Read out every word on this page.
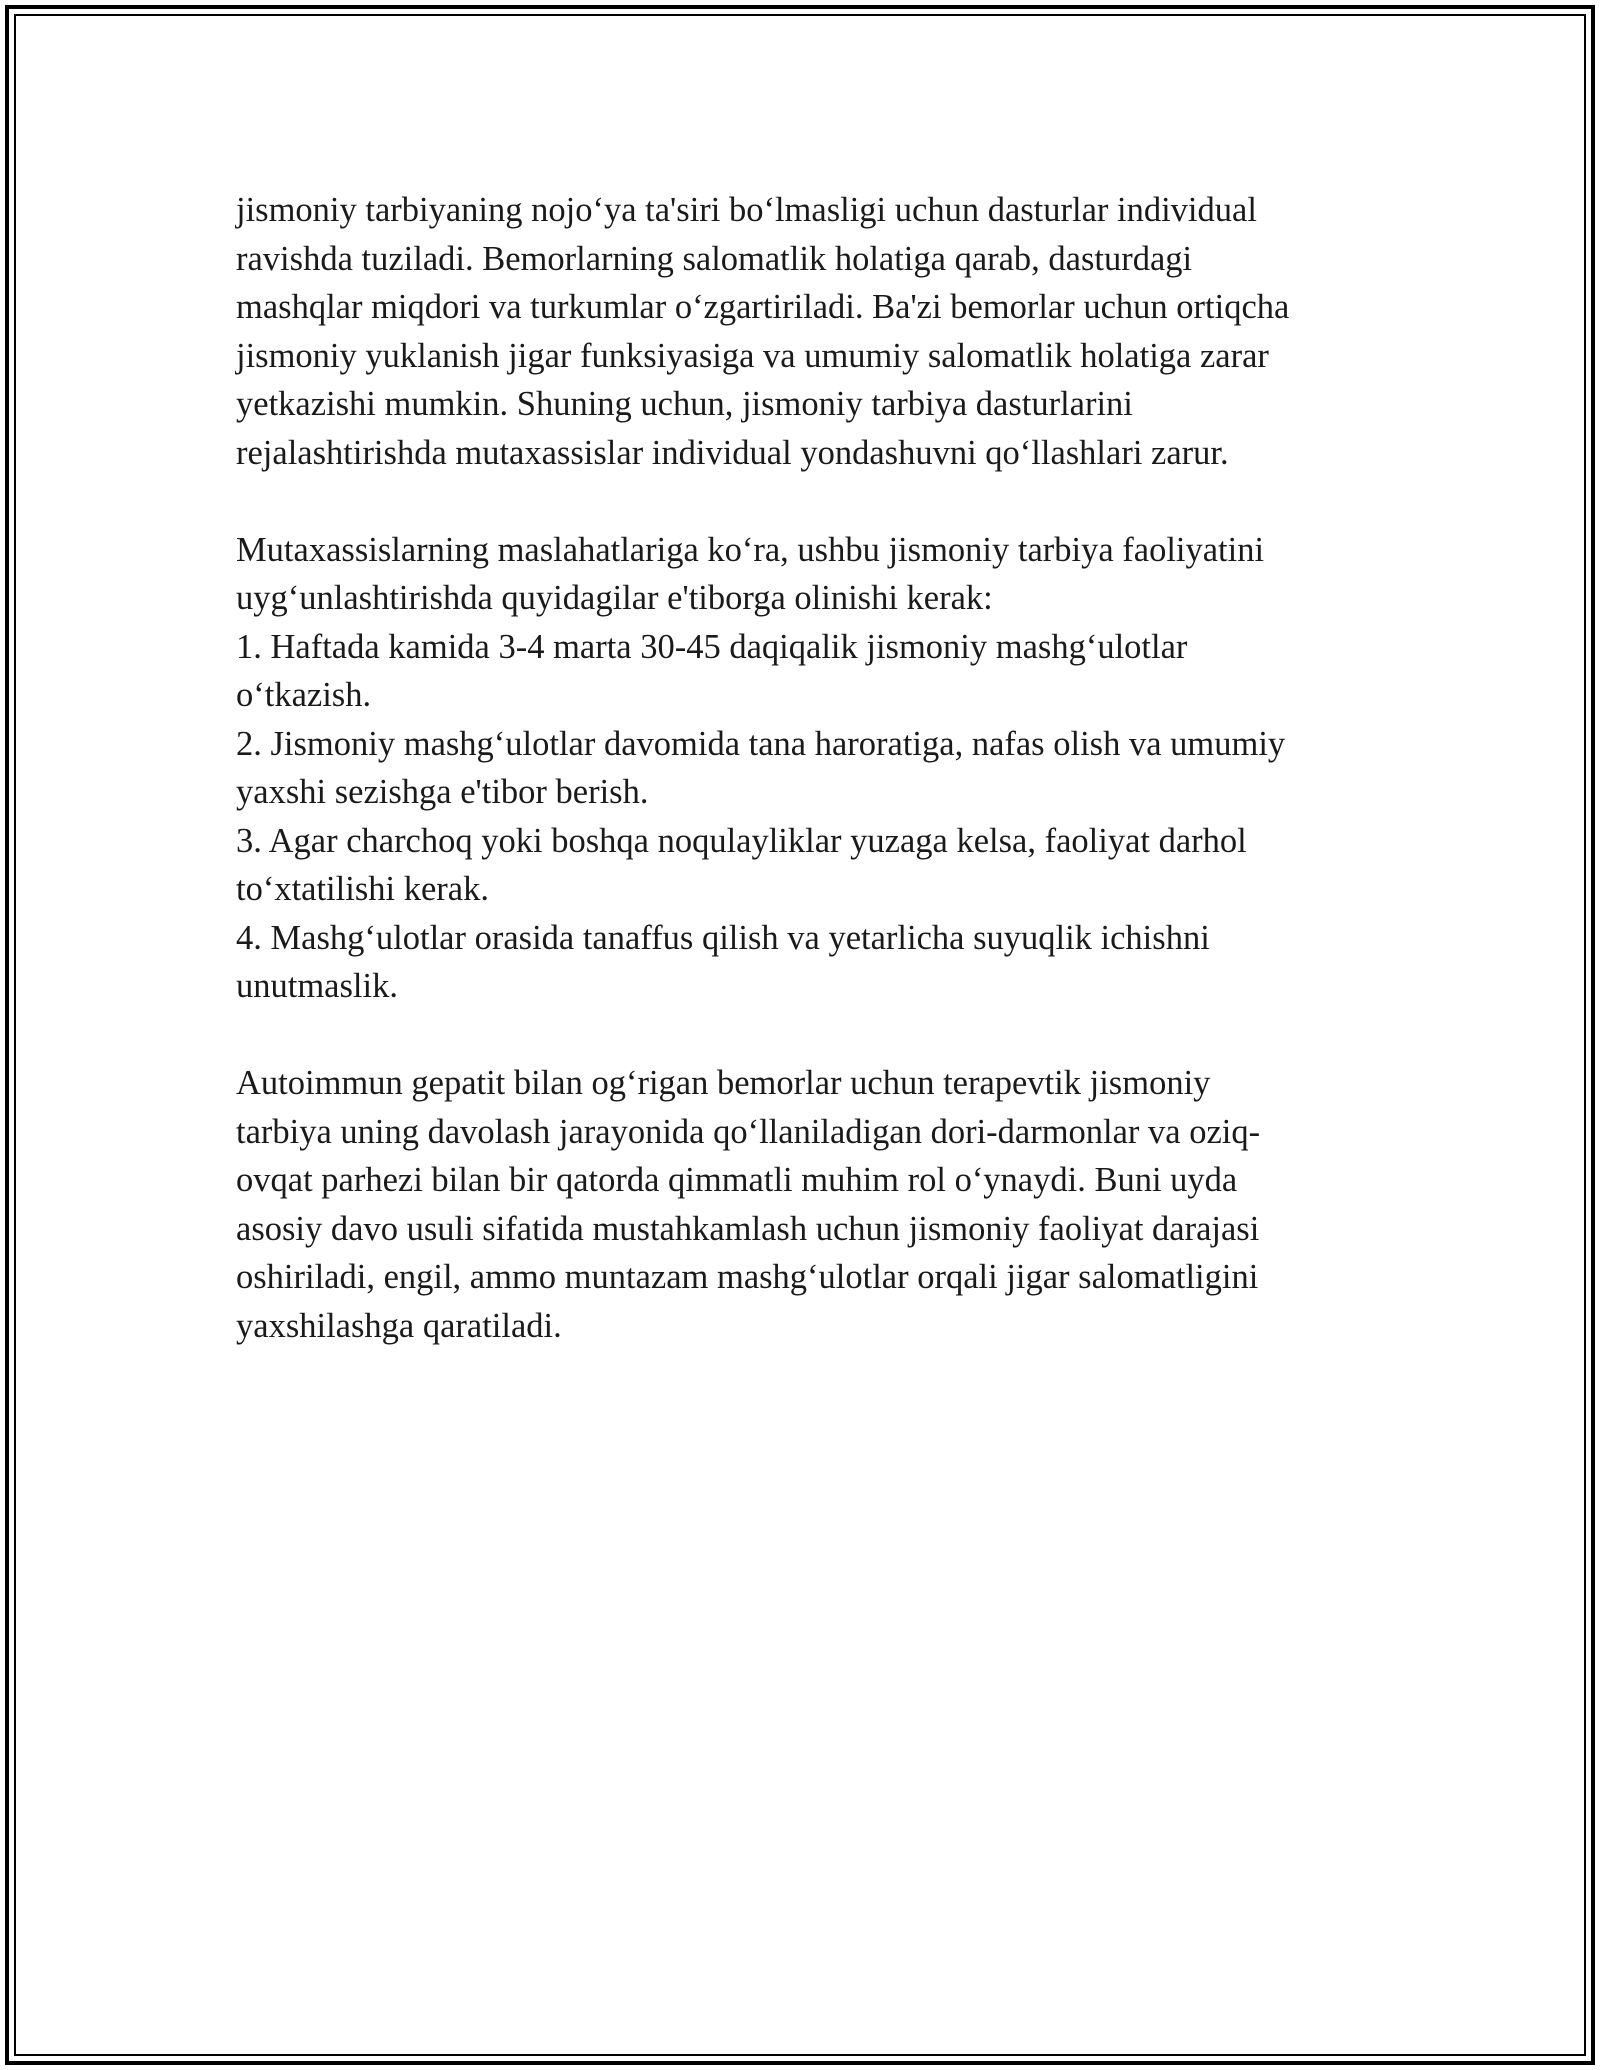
jismoniy tarbiyaning nojo‘ya ta'siri bo‘lmasligi uchun dasturlar individual

ravishda tuziladi. Bemorlarning salomatlik holatiga qarab, dasturdagi

mashqlar miqdori va turkumlar o‘zgartiriladi. Ba'zi bemorlar uchun ortiqcha

jismoniy yuklanish jigar funksiyasiga va umumiy salomatlik holatiga zarar

yetkazishi mumkin. Shuning uchun, jismoniy tarbiya dasturlarini

rejalashtirishda mutaxassislar individual yondashuvni qo‘llashlari zarur.

Mutaxassislarning maslahatlariga ko‘ra, ushbu jismoniy tarbiya faoliyatini

uyg‘unlashtirishda quyidagilar e'tiborga olinishi kerak:

1. Haftada kamida 3-4 marta 30-45 daqiqalik jismoniy mashg‘ulotlar

o‘tkazish.

2. Jismoniy mashg‘ulotlar davomida tana haroratiga, nafas olish va umumiy

yaxshi sezishga e'tibor berish.

3. Agar charchoq yoki boshqa noqulayliklar yuzaga kelsa, faoliyat darhol

to‘xtatilishi kerak.

4. Mashg‘ulotlar orasida tanaffus qilish va yetarlicha suyuqlik ichishni

unutmaslik.

Autoimmun gepatit bilan og‘rigan bemorlar uchun terapevtik jismoniy

tarbiya uning davolash jarayonida qo‘llaniladigan dori-darmonlar va oziq-

ovqat parhezi bilan bir qatorda qimmatli muhim rol o‘ynaydi. Buni uyda

asosiy davo usuli sifatida mustahkamlash uchun jismoniy faoliyat darajasi

oshiriladi, engil, ammo muntazam mashg‘ulotlar orqali jigar salomatligini

yaxshilashga qaratiladi.
